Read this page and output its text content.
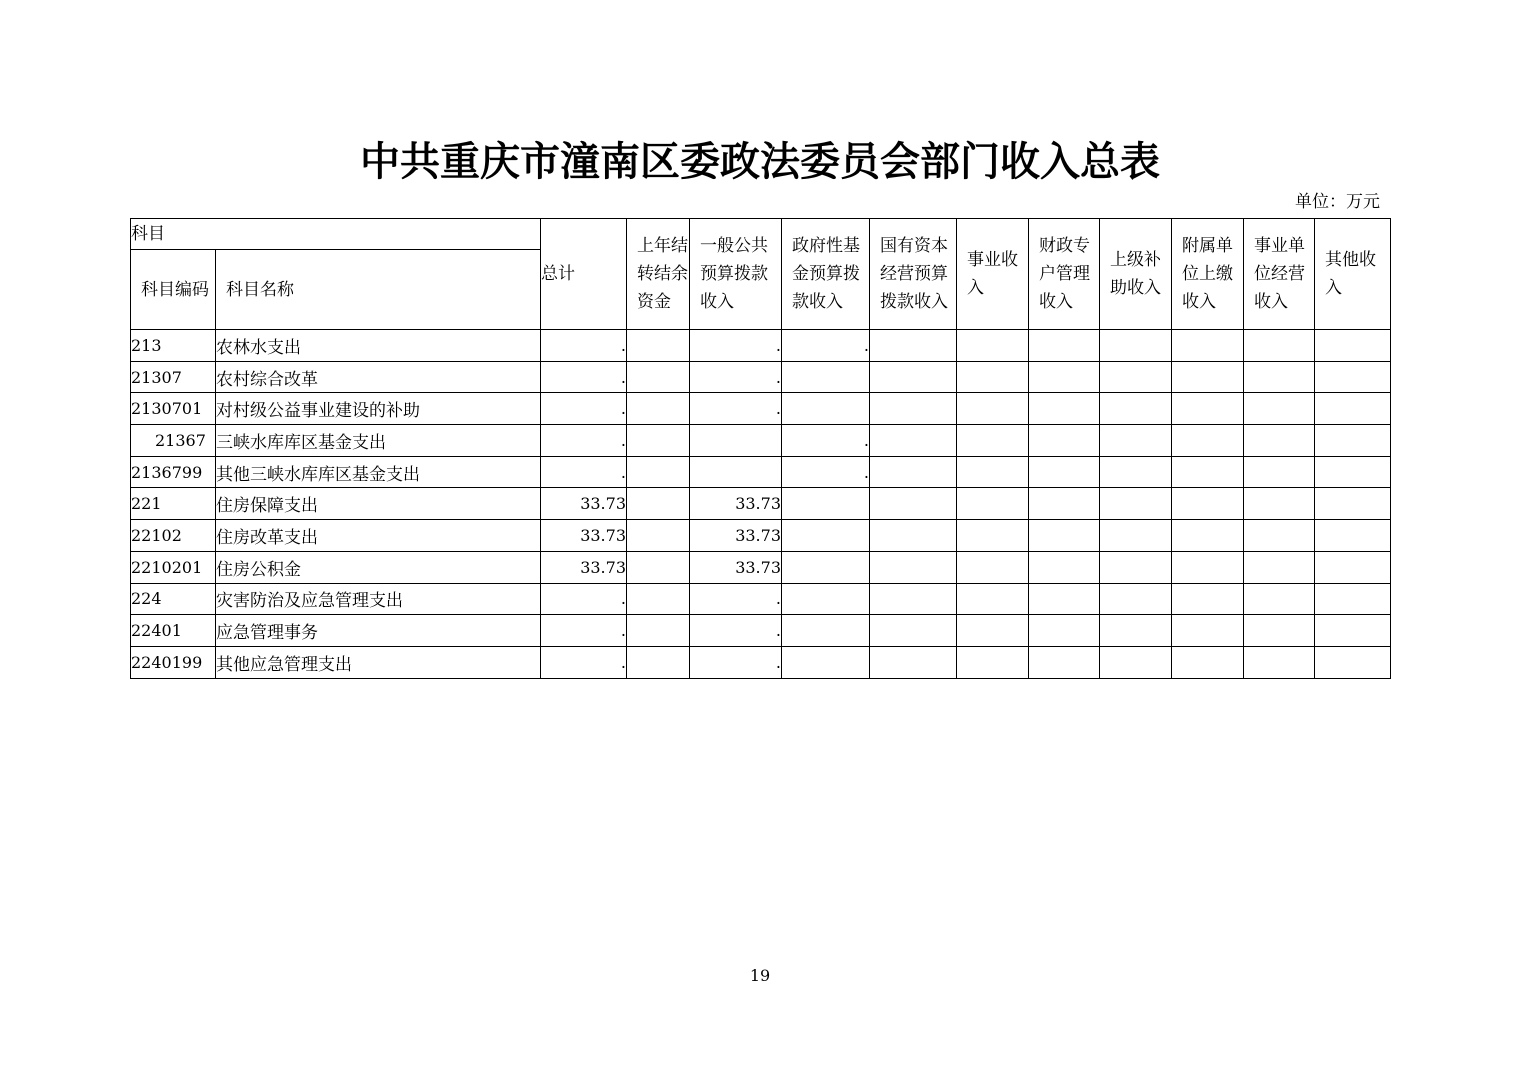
中共重庆市潼南区委政法委员会部门收入总表
单位：万元
科目		总计	上年结转结余资金	一般公共预算拨款收入	政府性基金预算拨款收入	国有资本经营预算拨款收入	事业收入	财政专户管理收入	上级补助收入	附属单位上缴收入	事业单位经营收入	其他收入

科目编码	科目名称											

213	农林水支出	.		.	.							
21307	农村综合改革	.		.								
2130701	对村级公益事业建设的补助	.		.								
21367	三峡水库库区基金支出	.			.							
2136799	其他三峡水库库区基金支出	.			.							
221	住房保障支出	33.73		33.73								
22102	住房改革支出	33.73		33.73								
2210201	住房公积金	33.73		33.73								
224	灾害防治及应急管理支出	.		.								
22401	应急管理事务	.		.								
2240199	其他应急管理支出	.		.								
19
